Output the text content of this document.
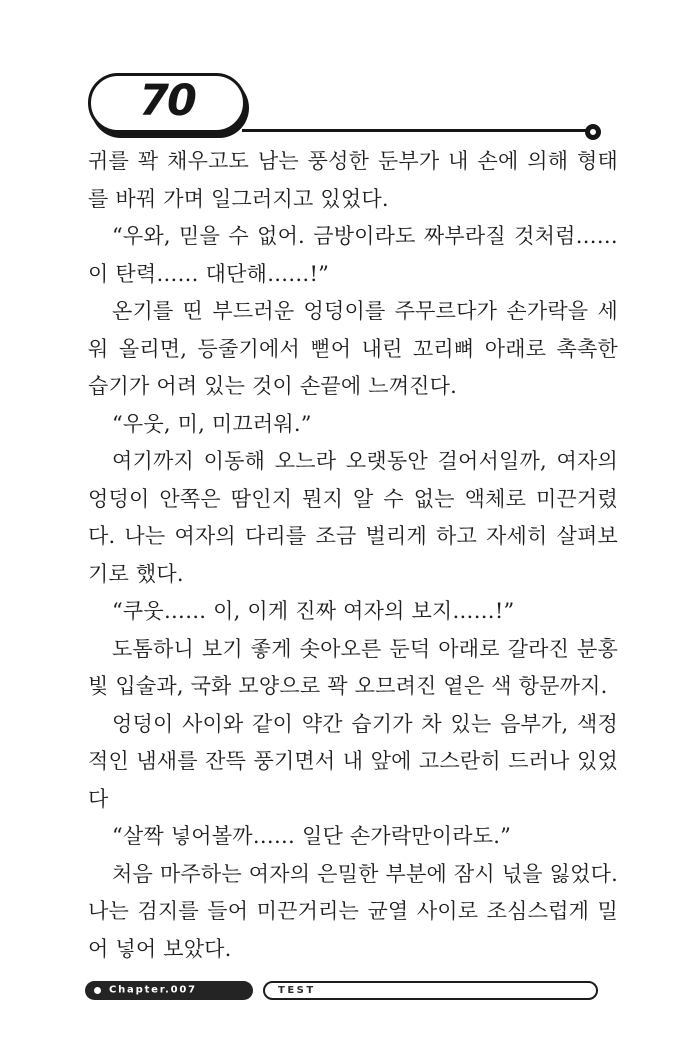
70

귀를 꽉 채우고도 남는 풍성한 둔부가 내 손에 의해 형태를 바꿔 가며 일그러지고 있었다.

“우와, 믿을 수 없어. 금방이라도 짜부라질 것처럼…… 이 탄력…… 대단해……!”

온기를 띤 부드러운 엉덩이를 주무르다가 손가락을 세워 올리면, 등줄기에서 뻗어 내린 꼬리뼈 아래로 촉촉한 습기가 어려 있는 것이 손끝에 느껴진다.

“우웃, 미, 미끄러워.”

여기까지 이동해 오느라 오랫동안 걸어서일까, 여자의 엉덩이 안쪽은 땀인지 뭔지 알 수 없는 액체로 미끈거렸다. 나는 여자의 다리를 조금 벌리게 하고 자세히 살펴보기로 했다.

“쿠웃…… 이, 이게 진짜 여자의 보지……!”

도톰하니 보기 좋게 솟아오른 둔덕 아래로 갈라진 분홍빛 입술과, 국화 모양으로 꽉 오므려진 옅은 색 항문까지.

엉덩이 사이와 같이 약간 습기가 차 있는 음부가, 색정적인 냄새를 잔뜩 풍기면서 내 앞에 고스란히 드러나 있었다

“살짝 넣어볼까…… 일단 손가락만이라도.”

처음 마주하는 여자의 은밀한 부분에 잠시 넋을 잃었다. 나는 검지를 들어 미끈거리는 균열 사이로 조심스럽게 밀어 넣어 보았다.

Chapter.007	TEST
